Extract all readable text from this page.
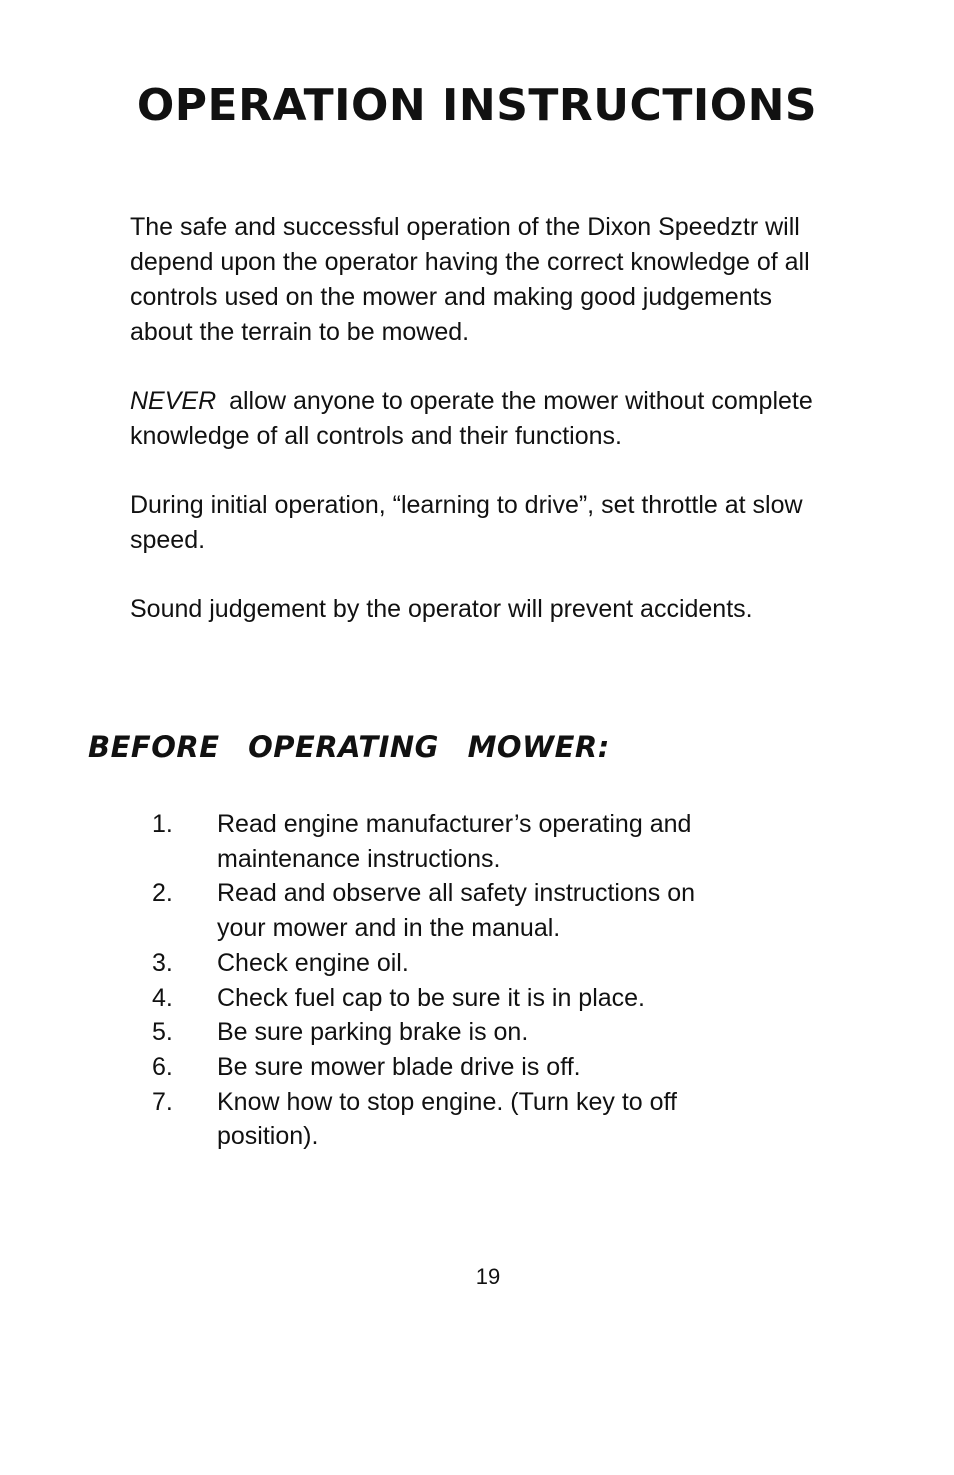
OPERATION INSTRUCTIONS

The safe and successful operation of the Dixon Speedztr will depend upon the operator having the correct knowledge of all controls used on the mower and making good judgements about the terrain to be mowed.

NEVER allow anyone to operate the mower without complete knowledge of all controls and their functions.

During initial operation, “learning to drive”, set throttle at slow speed.

Sound judgement by the operator will prevent accidents.

BEFORE OPERATING MOWER:
1.	Read engine manufacturer’s operating and maintenance instructions.
2.	Read and observe all safety instructions on your mower and in the manual.
3.	Check engine oil.
4.	Check fuel cap to be sure it is in place.
5.	Be sure parking brake is on.
6.	Be sure mower blade drive is off.
7.	Know how to stop engine. (Turn key to off position).
19
